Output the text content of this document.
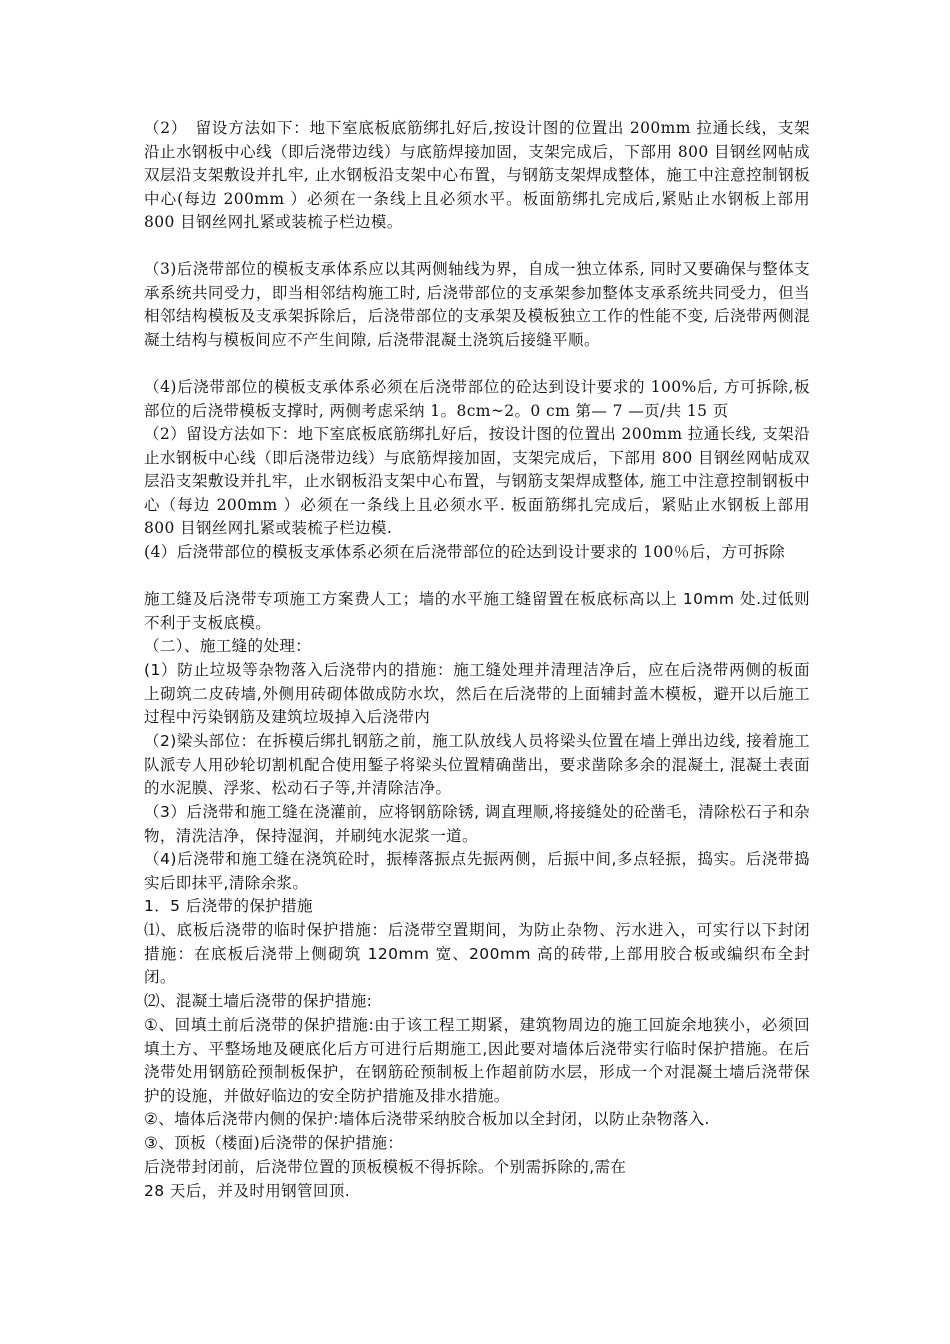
（2）　留设方法如下：地下室底板底筋绑扎好后,按设计图的位置出 200mm 拉通长线，支架沿止水钢板中心线（即后浇带边线）与底筋焊接加固，支架完成后，下部用 800 目钢丝网帖成双层沿支架敷设并扎牢, 止水钢板沿支架中心布置，与钢筋支架焊成整体，施工中注意控制钢板中心(每边 200mm ）必须在一条线上且必须水平。板面筋绑扎完成后,紧贴止水钢板上部用 800 目钢丝网扎紧或装梳子栏边模。

（3)后浇带部位的模板支承体系应以其两侧轴线为界，自成一独立体系, 同时又要确保与整体支承系统共同受力，即当相邻结构施工时, 后浇带部位的支承架参加整体支承系统共同受力，但当相邻结构模板及支承架拆除后，后浇带部位的支承架及模板独立工作的性能不变, 后浇带两侧混凝土结构与模板间应不产生间隙, 后浇带混凝土浇筑后接缝平顺。

（4)后浇带部位的模板支承体系必须在后浇带部位的砼达到设计要求的 100%后, 方可拆除,板部位的后浇带模板支撑时, 两侧考虑采纳 1。8cm~2。0 cm 第— 7 —页/共 15 页

（2）留设方法如下：地下室底板底筋绑扎好后，按设计图的位置出 200mm 拉通长线, 支架沿止水钢板中心线（即后浇带边线）与底筋焊接加固，支架完成后，下部用 800 目钢丝网帖成双层沿支架敷设并扎牢，止水钢板沿支架中心布置，与钢筋支架焊成整体, 施工中注意控制钢板中心（每边 200mm ）必须在一条线上且必须水平. 板面筋绑扎完成后，紧贴止水钢板上部用 800 目钢丝网扎紧或装梳子栏边模.

(4）后浇带部位的模板支承体系必须在后浇带部位的砼达到设计要求的 100％后，方可拆除

施工缝及后浇带专项施工方案费人工；墙的水平施工缝留置在板底标高以上 10mm 处.过低则不利于支板底模。

（二）、施工缝的处理：

(1）防止垃圾等杂物落入后浇带内的措施：施工缝处理并清理洁净后，应在后浇带两侧的板面上砌筑二皮砖墙,外侧用砖砌体做成防水坎，然后在后浇带的上面辅封盖木模板，避开以后施工过程中污染钢筋及建筑垃圾掉入后浇带内

（2)梁头部位：在拆模后绑扎钢筋之前，施工队放线人员将梁头位置在墙上弹出边线, 接着施工队派专人用砂轮切割机配合使用錾子将梁头位置精确凿出，要求凿除多余的混凝土, 混凝土表面的水泥膜、浮浆、松动石子等,并清除洁净。

（3）后浇带和施工缝在浇灌前，应将钢筋除锈, 调直理顺,将接缝处的砼凿毛，清除松石子和杂物，清洗洁净，保持湿润，并刷纯水泥浆一道。

（4)后浇带和施工缝在浇筑砼时，振棒落振点先振两侧，后振中间,多点轻振，捣实。后浇带捣实后即抹平,清除余浆。

1．5 后浇带的保护措施

⑴、底板后浇带的临时保护措施：后浇带空置期间，为防止杂物、污水进入，可实行以下封闭措施：在底板后浇带上侧砌筑 120mm 宽、200mm 高的砖带,上部用胶合板或编织布全封闭。

⑵、混凝土墙后浇带的保护措施:

①、回填土前后浇带的保护措施:由于该工程工期紧，建筑物周边的施工回旋余地狭小，必须回填土方、平整场地及硬底化后方可进行后期施工,因此要对墙体后浇带实行临时保护措施。在后浇带处用钢筋砼预制板保护，在钢筋砼预制板上作超前防水层，形成一个对混凝土墙后浇带保护的设施，并做好临边的安全防护措施及排水措施。

②、墙体后浇带内侧的保护:墙体后浇带采纳胶合板加以全封闭，以防止杂物落入.

③、顶板（楼面)后浇带的保护措施：

后浇带封闭前，后浇带位置的顶板模板不得拆除。个别需拆除的,需在

28 天后，并及时用钢管回顶.
